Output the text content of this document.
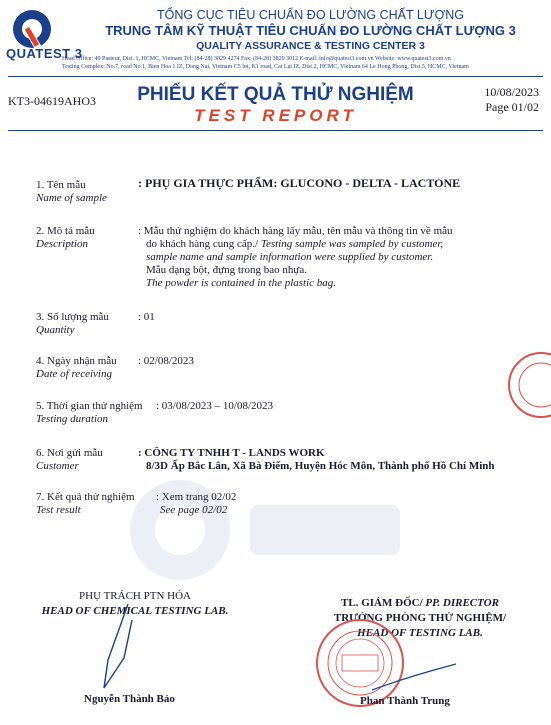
QUATEST 3
TỔNG CỤC TIÊU CHUẨN ĐO LƯỜNG CHẤT LƯỢNG
TRUNG TÂM KỸ THUẬT TIÊU CHUẨN ĐO LƯỜNG CHẤT LƯỢNG 3
QUALITY ASSURANCE & TESTING CENTER 3
Head Office: 49 Pasteur, Dist. 1, HCMC, Vietnam Tel: (84-28) 3829 4274 Fax: (84-28) 3829 3012 E-mail: info@quatest3.com.vn Website: www.quatest3.com.vn
Testing Complex: No.7, road No.1, Bien Hoa 1 IZ, Dong Nai, Vietnam C5 lot, K1 road, Cat Lai IZ, Dist.2, HCMC, Vietnam 64 Le Hong Phong, Dist.5, HCMC, Vietnam
KT3-04619AHO3	PHIẾU KẾT QUẢ THỬ NGHIỆM
TEST REPORT
10/08/2023
Page 01/02
1. Tên mẫu
Name of sample
: PHỤ GIA THỰC PHẨM: GLUCONO - DELTA - LACTONE
2. Mô tả mẫu
Description
: Mẫu thử nghiệm do khách hàng lấy mẫu, tên mẫu và thông tin về mẫu
do khách hàng cung cấp./ Testing sample was sampled by customer,
sample name and sample information were supplied by customer.
Mẫu dạng bột, đựng trong bao nhựa.
The powder is contained in the plastic bag.
3. Số lượng mẫu
Quantity
: 01
4. Ngày nhận mẫu
Date of receiving
: 02/08/2023
5. Thời gian thử nghiệm
Testing duration
: 03/08/2023 – 10/08/2023
6. Nơi gửi mẫu
Customer
: CÔNG TY TNHH T - LANDS WORK
8/3D Ấp Bắc Lân, Xã Bà Điểm, Huyện Hóc Môn, Thành phố Hồ Chí Minh
7. Kết quả thử nghiệm
Test result
: Xem trang 02/02
See page 02/02
PHỤ TRÁCH PTN HÓA
HEAD OF CHEMICAL TESTING LAB.
Nguyễn Thành Bảo
TL. GIÁM ĐỐC/ PP. DIRECTOR
TRƯỞNG PHÒNG THỬ NGHIỆM/
HEAD OF TESTING LAB.
Phan Thành Trung
